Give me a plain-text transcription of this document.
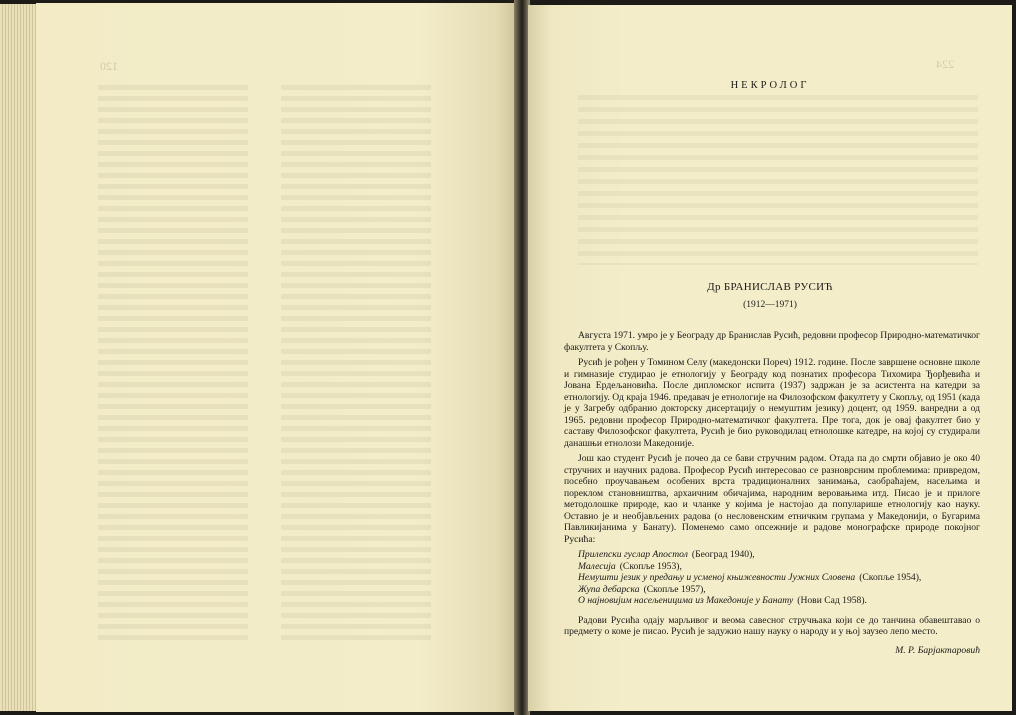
120	224
НЕКРОЛОГ
Др БРАНИСЛАВ РУСИЋ
(1912—1971)

Августа 1971. умро је у Београду др Бранислав Русић, редовни професор Природно-математичког факултета у Скопљу.

Русић је рођен у Томином Селу (македонски Пореч) 1912. године. После завршене основне школе и гимназије студирао је етнологију у Београду код познатих професора Тихомира Ђорђевића и Јована Ердељановића. После дипломског испита (1937) задржан је за асистента на катедри за етнологију. Од краја 1946. предавач је етнологије на Филозофском факултету у Скопљу, од 1951 (када је у Загребу одбранио докторску дисертацију о немуштим језику) доцент, од 1959. ванредни а од 1965. редовни професор Природно-математичког факултета. Пре тога, док је овај факултет био у саставу Филозофског факултета, Русић је био руководилац етнолошке катедре, на којој су студирали данашњи етнолози Македоније.

Још као студент Русић је почео да се бави стручним радом. Отада па до смрти објавио је око 40 стручних и научних радова. Професор Русић интересовао се разноврсним проблемима: привредом, посебно проучавањем особених врста традиционалних занимања, саобраћајем, насељима и пореклом становништва, архаичним обичајима, народним веровањима итд. Писао је и прилоге методолошке природе, као и чланке у којима је настојао да популаришe етнологију као науку. Оставио је и необјављених радова (о несловенским етничким групама у Македонији, о Бугарима Павликијанима у Банату). Поменемо само опсежније и радове монографске природе покојног Русића:

Прилепски гуслар Апостол (Београд 1940),
Малесија (Скопље 1953),
Немушти језик у предању и усменој књижевности Јужних Словена (Скопље 1954),
Жупа дебарска (Скопље 1957),
О најновијим насељеницима из Македоније у Банату (Нови Сад 1958).

Радови Русића одају марљивог и веома савесног стручњака који се до танчина обавештавао о предмету о коме је писао. Русић је задужио нашу науку о народу и у њој заузео лепо место.

М. Р. Барјактаровић
